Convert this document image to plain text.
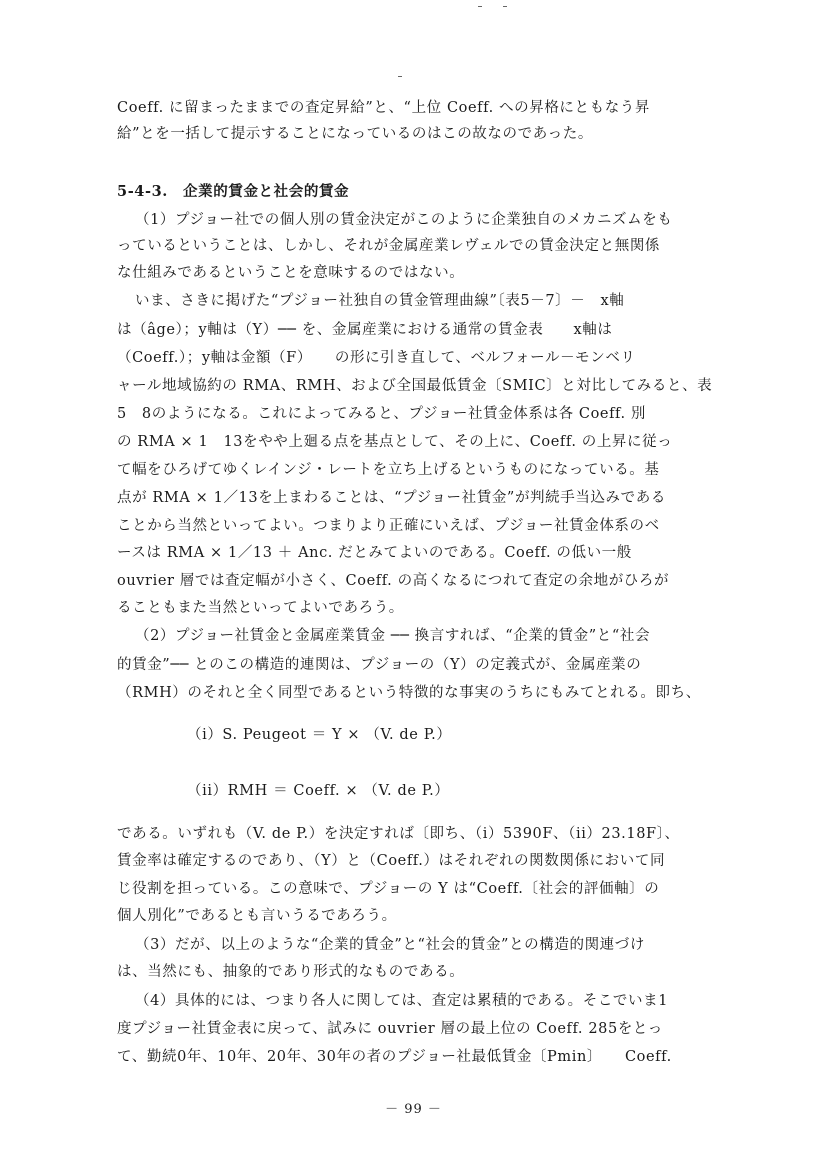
Coeff. に留まったままでの査定昇給”と、“上位 Coeff. への昇格にともなう昇
給”とを一括して提示することになっているのはこの故なのであった。
5-4-3.　企業的賃金と社会的賃金
（1）プジョー社での個人別の賃金決定がこのように企業独自のメカニズムをも
っているということは、しかし、それが金属産業レヴェルでの賃金決定と無関係
な仕組みであるということを意味するのではない。
いま、さきに掲げた“プジョー社独自の賃金管理曲線”〔表5－7〕－　x軸
は（âge）；y軸は（Y）── を、金属産業における通常の賃金表　　x軸は
（Coeff.）；y軸は金額（F）　　の形に引き直して、ベルフォール－モンベリ
ャール地域協約の RMA、RMH、および全国最低賃金〔SMIC〕と対比してみると、表
5　8のようになる。これによってみると、プジョー社賃金体系は各 Coeff. 別
の RMA × 1　13をやや上廻る点を基点として、その上に、Coeff. の上昇に従っ
て幅をひろげてゆくレインジ・レートを立ち上げるというものになっている。基
点が RMA × 1／13を上まわることは、“プジョー社賃金”が判続手当込みである
ことから当然といってよい。つまりより正確にいえば、プジョー社賃金体系のベ
ースは RMA × 1／13 ＋ Anc. だとみてよいのである。Coeff. の低い一般
ouvrier 層では査定幅が小さく、Coeff. の高くなるにつれて査定の余地がひろが
ることもまた当然といってよいであろう。
（2）プジョー社賃金と金属産業賃金 ── 換言すれば、“企業的賃金”と“社会
的賃金”── とのこの構造的連関は、プジョーの（Y）の定義式が、金属産業の
（RMH）のそれと全く同型であるという特徴的な事実のうちにもみてとれる。即ち、
（i）S. Peugeot ＝ Y × （V. de P.）
（ii）RMH ＝ Coeff. × （V. de P.）
である。いずれも（V. de P.）を決定すれば〔即ち、（i）5390F、（ii）23.18F〕、
賃金率は確定するのであり、（Y）と（Coeff.）はそれぞれの関数関係において同
じ役割を担っている。この意味で、プジョーの Y は“Coeff.〔社会的評価軸〕の
個人別化”であるとも言いうるであろう。
（3）だが、以上のような“企業的賃金”と“社会的賃金”との構造的関連づけ
は、当然にも、抽象的であり形式的なものである。
（4）具体的には、つまり各人に関しては、査定は累積的である。そこでいま1
度プジョー社賃金表に戻って、試みに ouvrier 層の最上位の Coeff. 285をとっ
て、勤続0年、10年、20年、30年の者のプジョー社最低賃金〔Pmin〕　　Coeff.
－ 99 －
